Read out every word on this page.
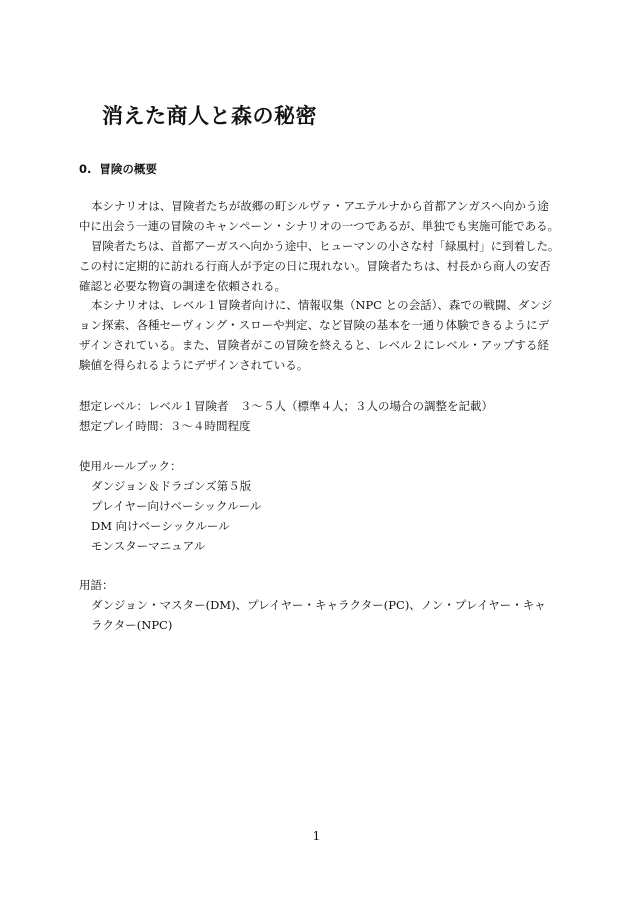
消えた商人と森の秘密
0.  冒険の概要
本シナリオは、冒険者たちが故郷の町シルヴァ・アエテルナから首都アンガスへ向かう途
中に出会う一連の冒険のキャンペーン・シナリオの一つであるが、単独でも実施可能である。
冒険者たちは、首都アーガスへ向かう途中、ヒューマンの小さな村「緑風村」に到着した。
この村に定期的に訪れる行商人が予定の日に現れない。冒険者たちは、村長から商人の安否
確認と必要な物資の調達を依頼される。
本シナリオは、レベル１冒険者向けに、情報収集（NPC との会話）、森での戦闘、ダンジ
ョン探索、各種セーヴィング・スローや判定、など冒険の基本を一通り体験できるようにデ
ザインされている。また、冒険者がこの冒険を終えると、レベル２にレベル・アップする経
験値を得られるようにデザインされている。
想定レベル：レベル１冒険者　３～５人（標準４人；３人の場合の調整を記載）
想定プレイ時間：３～４時間程度
使用ルールブック：
ダンジョン＆ドラゴンズ第５版
プレイヤー向けベーシックルール
DM 向けベーシックルール
モンスターマニュアル
用語：
ダンジョン・マスター(DM)、プレイヤー・キャラクター(PC)、ノン・プレイヤー・キャ
ラクター(NPC)
1
